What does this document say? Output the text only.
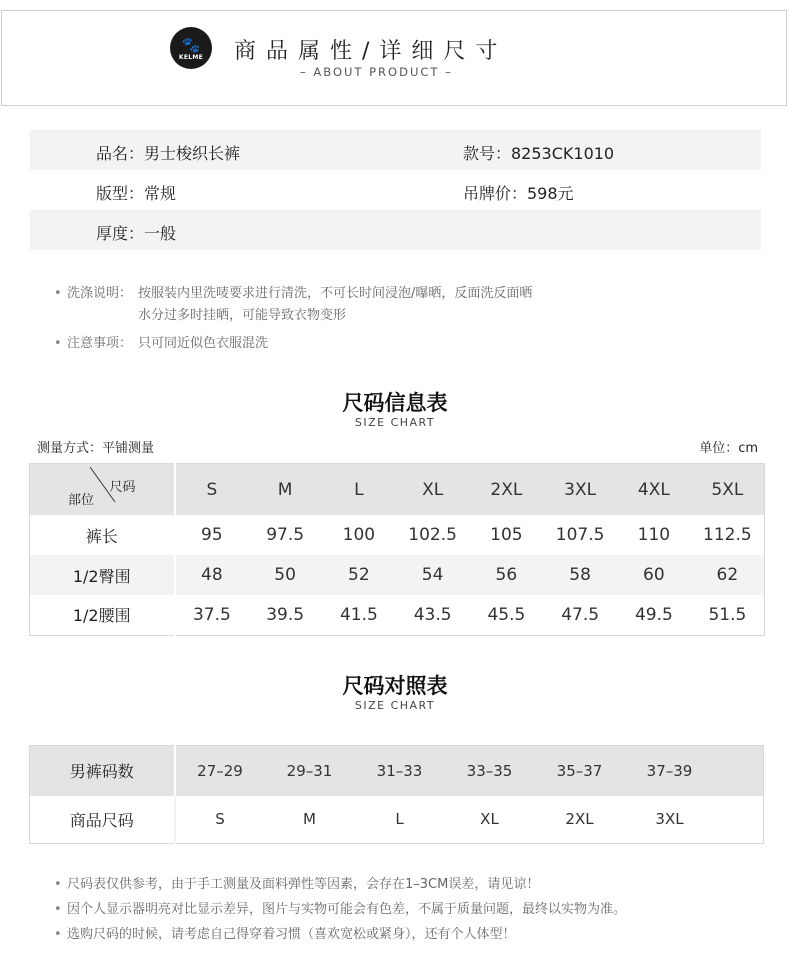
🐾
KELME 商品属性/详细尺寸
– ABOUT PRODUCT –
品名：男士梭织长裤	款号：8253CK1010
版型：常规	吊牌价：598元
厚度：一般
• 洗涤说明： 按服装内里洗唛要求进行清洗，不可长时间浸泡/曝晒，反面洗反面晒
水分过多时挂晒，可能导致衣物变形
• 注意事项： 只可同近似色衣服混洗
尺码信息表
SIZE CHART
测量方式：平铺测量	单位：cm
尺码
部位	S	M	L	XL	2XL	3XL	4XL	5XL
裤长	95	97.5	100	102.5	105	107.5	110	112.5
1/2臀围	48	50	52	54	56	58	60	62
1/2腰围	37.5	39.5	41.5	43.5	45.5	47.5	49.5	51.5
尺码对照表
SIZE CHART
男裤码数	27–29	29–31	31–33	33–35	35–37	37–39	
商品尺码	S	M	L	XL	2XL	3XL	
• 尺码表仅供参考，由于手工测量及面料弹性等因素，会存在1–3CM误差，请见谅！
• 因个人显示器明亮对比显示差异，图片与实物可能会有色差，不属于质量问题，最终以实物为准。
• 选购尺码的时候，请考虑自己得穿着习惯（喜欢宽松或紧身），还有个人体型！
